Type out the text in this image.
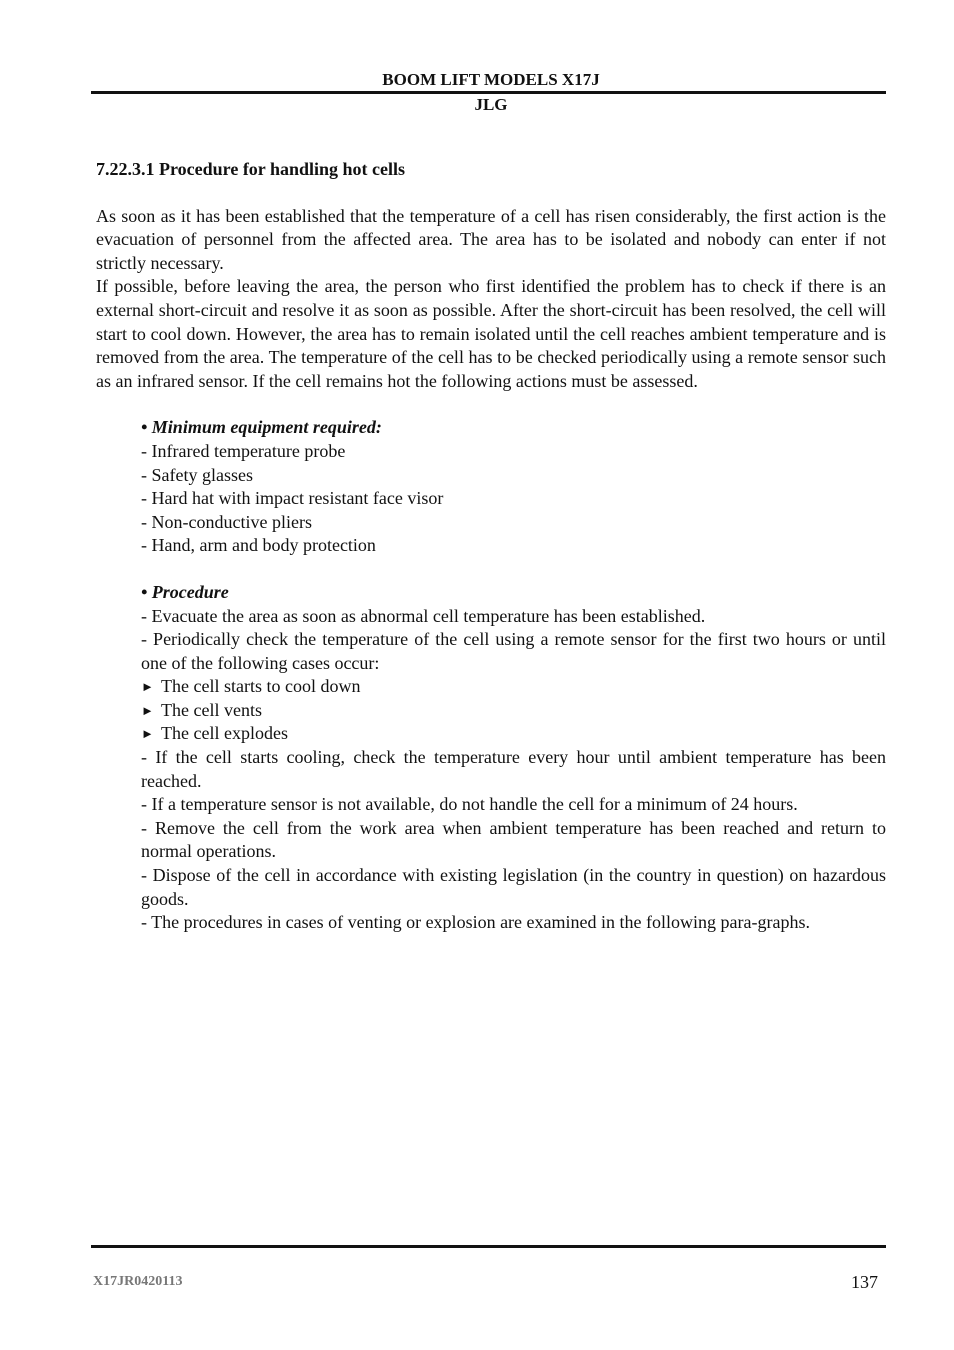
BOOM LIFT MODELS X17J
JLG
7.22.3.1 Procedure for handling hot cells

As soon as it has been established that the temperature of a cell has risen considerably, the first action is the evacuation of personnel from the affected area. The area has to be isolated and nobody can enter if not strictly necessary.

If possible, before leaving the area, the person who first identified the problem has to check if there is an external short-circuit and resolve it as soon as possible. After the short-circuit has been resolved, the cell will start to cool down. However, the area has to remain isolated until the cell reaches ambient temperature and is removed from the area. The temperature of the cell has to be checked periodically using a remote sensor such as an infrared sensor. If the cell remains hot the following actions must be assessed.

• Minimum equipment required:
- Infrared temperature probe
- Safety glasses
- Hard hat with impact resistant face visor
- Non-conductive pliers
- Hand, arm and body protection
• Procedure
- Evacuate the area as soon as abnormal cell temperature has been established.
- Periodically check the temperature of the cell using a remote sensor for the first two hours or until one of the following cases occur:
► The cell starts to cool down
► The cell vents
► The cell explodes
- If the cell starts cooling, check the temperature every hour until ambient temperature has been reached.
- If a temperature sensor is not available, do not handle the cell for a minimum of 24 hours.
- Remove the cell from the work area when ambient temperature has been reached and return to normal operations.
- Dispose of the cell in accordance with existing legislation (in the country in question) on hazardous goods.
- The procedures in cases of venting or explosion are examined in the following para-graphs.
X17JR0420113	137
